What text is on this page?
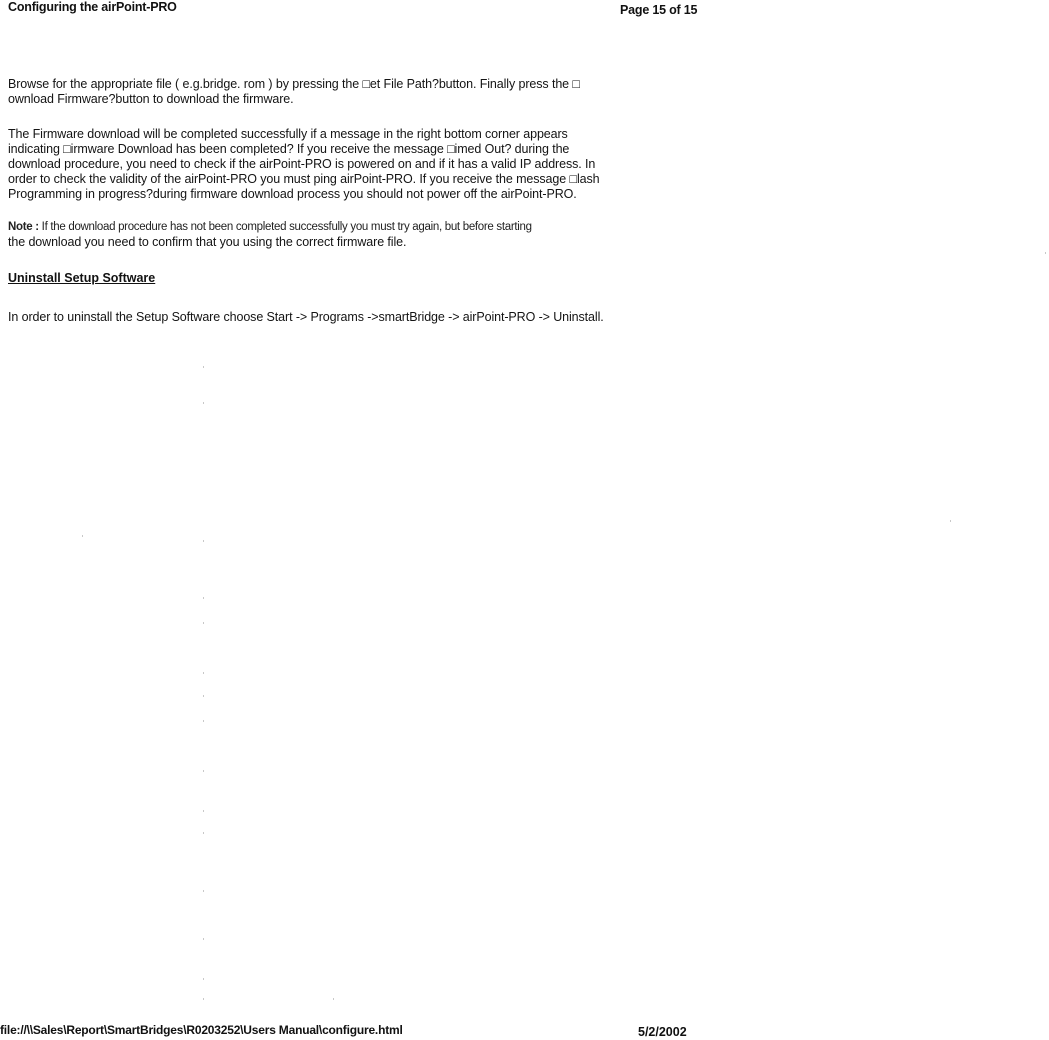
Configuring the airPoint-PRO	Page 15 of 15
Browse for the appropriate file ( e.g.bridge. rom ) by pressing the □et File Path?button. Finally press the □
ownload Firmware?button to download the firmware.
The Firmware download will be completed successfully if a message in the right bottom corner appears
indicating □irmware Download has been completed? If you receive the message □imed Out? during the
download procedure, you need to check if the airPoint-PRO is powered on and if it has a valid IP address. In
order to check the validity of the airPoint-PRO you must ping airPoint-PRO. If you receive the message □lash
Programming in progress?during firmware download process you should not power off the airPoint-PRO.
Note : If the download procedure has not been completed successfully you must try again, but before starting
the download you need to confirm that you using the correct firmware file.
Uninstall Setup Software
In order to uninstall the Setup Software choose Start -> Programs ->smartBridge -> airPoint-PRO -> Uninstall.
file://\\Sales\Report\SmartBridges\R0203252\Users Manual\configure.html	5/2/2002
